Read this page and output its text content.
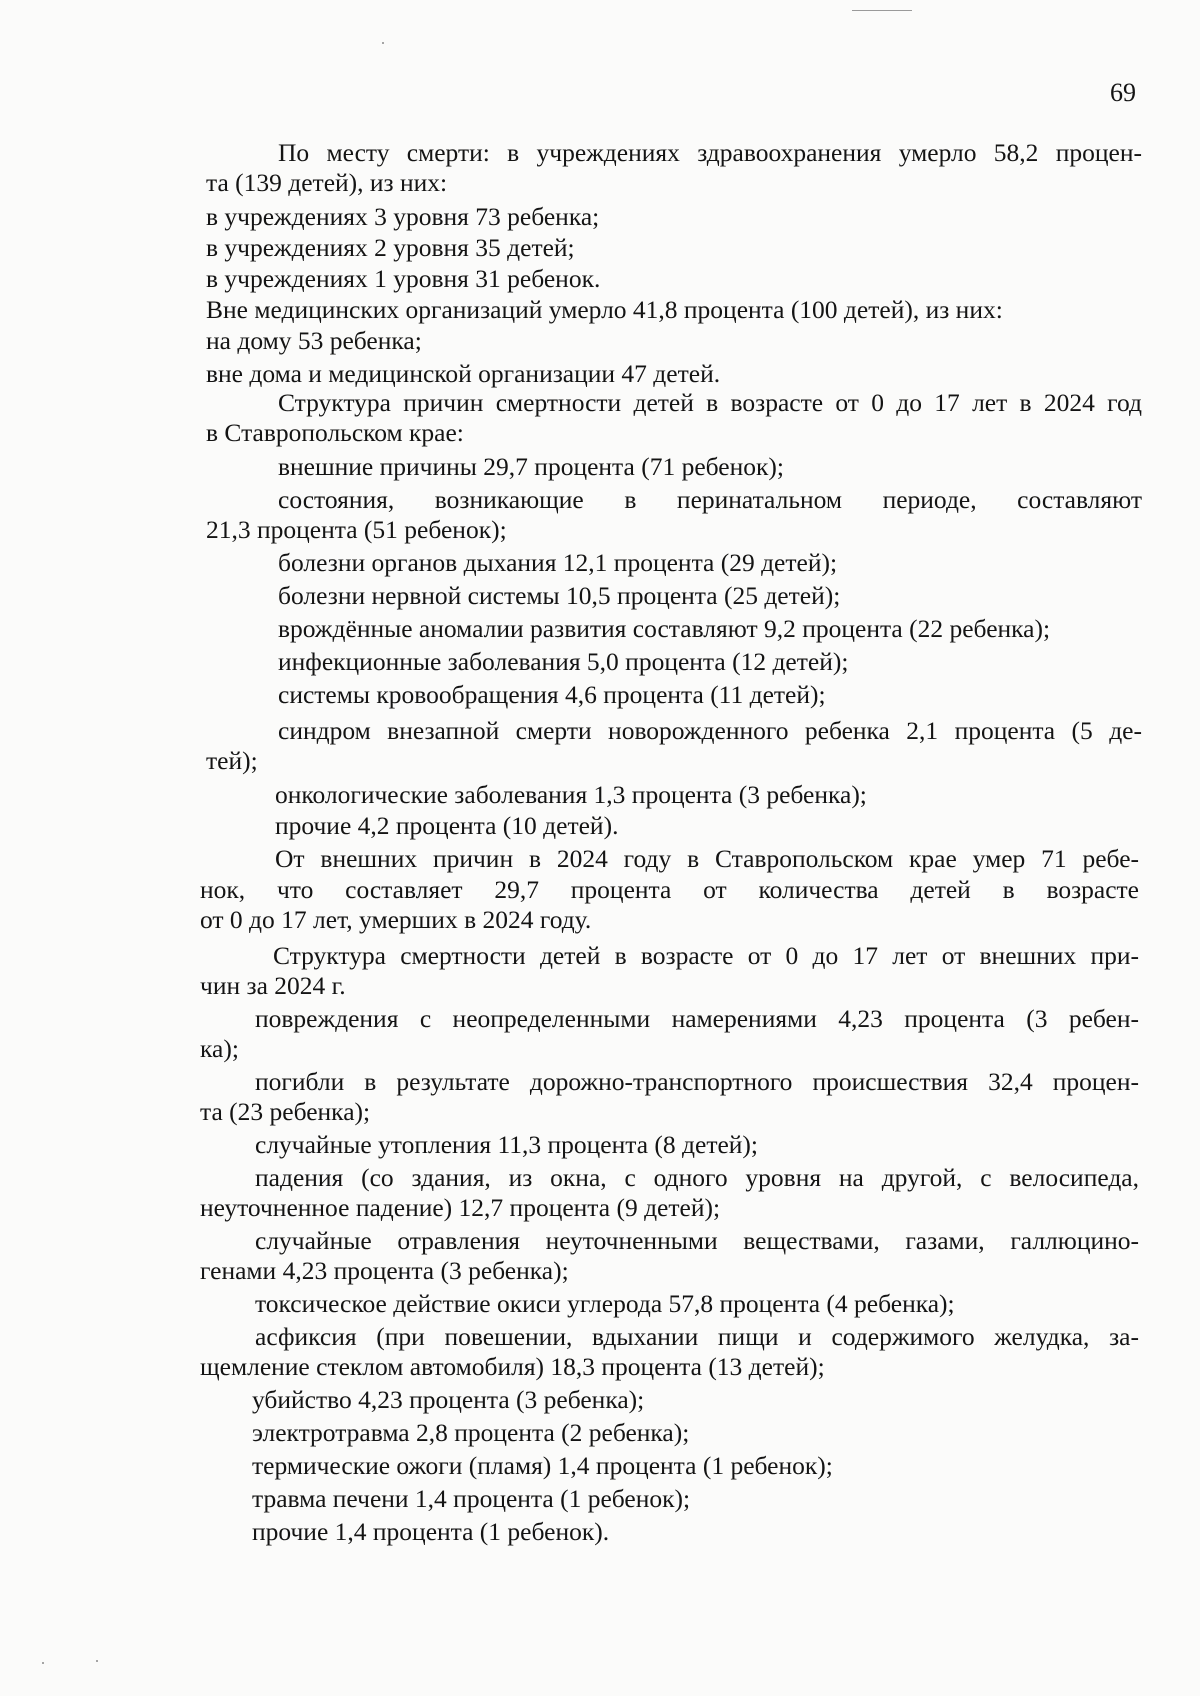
69
По месту смерти: в учреждениях здравоохранения умерло 58,2 процен-
та (139 детей), из них:
в учреждениях 3 уровня 73 ребенка;
в учреждениях 2 уровня 35 детей;
в учреждениях 1 уровня 31 ребенок.
Вне медицинских организаций умерло 41,8 процента (100 детей), из них:
на дому 53 ребенка;
вне дома и медицинской организации 47 детей.
Структура причин смертности детей в возрасте от 0 до 17 лет в 2024 год
в Ставропольском крае:
внешние причины 29,7 процента (71 ребенок);
состояния, возникающие в перинатальном периоде, составляют
21,3 процента (51 ребенок);
болезни органов дыхания 12,1 процента (29 детей);
болезни нервной системы 10,5 процента (25 детей);
врождённые аномалии развития составляют 9,2 процента (22 ребенка);
инфекционные заболевания 5,0 процента (12 детей);
системы кровообращения 4,6 процента (11 детей);
синдром внезапной смерти новорожденного ребенка 2,1 процента (5 де-
тей);
онкологические заболевания 1,3 процента (3 ребенка);
прочие 4,2 процента (10 детей).
От внешних причин в 2024 году в Ставропольском крае умер 71 ребе-
нок, что составляет 29,7 процента от количества детей в возрасте
от 0 до 17 лет, умерших в 2024 году.
Структура смертности детей в возрасте от 0 до 17 лет от внешних при-
чин за 2024 г.
повреждения с неопределенными намерениями 4,23 процента (3 ребен-
ка);
погибли в результате дорожно-транспортного происшествия 32,4 процен-
та (23 ребенка);
случайные утопления 11,3 процента (8 детей);
падения (со здания, из окна, с одного уровня на другой, с велосипеда,
неуточненное падение) 12,7 процента (9 детей);
случайные отравления неуточненными веществами, газами, галлюцино-
генами 4,23 процента (3 ребенка);
токсическое действие окиси углерода 57,8 процента (4 ребенка);
асфиксия (при повешении, вдыхании пищи и содержимого желудка, за-
щемление стеклом автомобиля) 18,3 процента (13 детей);
убийство 4,23 процента (3 ребенка);
электротравма 2,8 процента (2 ребенка);
термические ожоги (пламя) 1,4 процента (1 ребенок);
травма печени 1,4 процента (1 ребенок);
прочие 1,4 процента (1 ребенок).
